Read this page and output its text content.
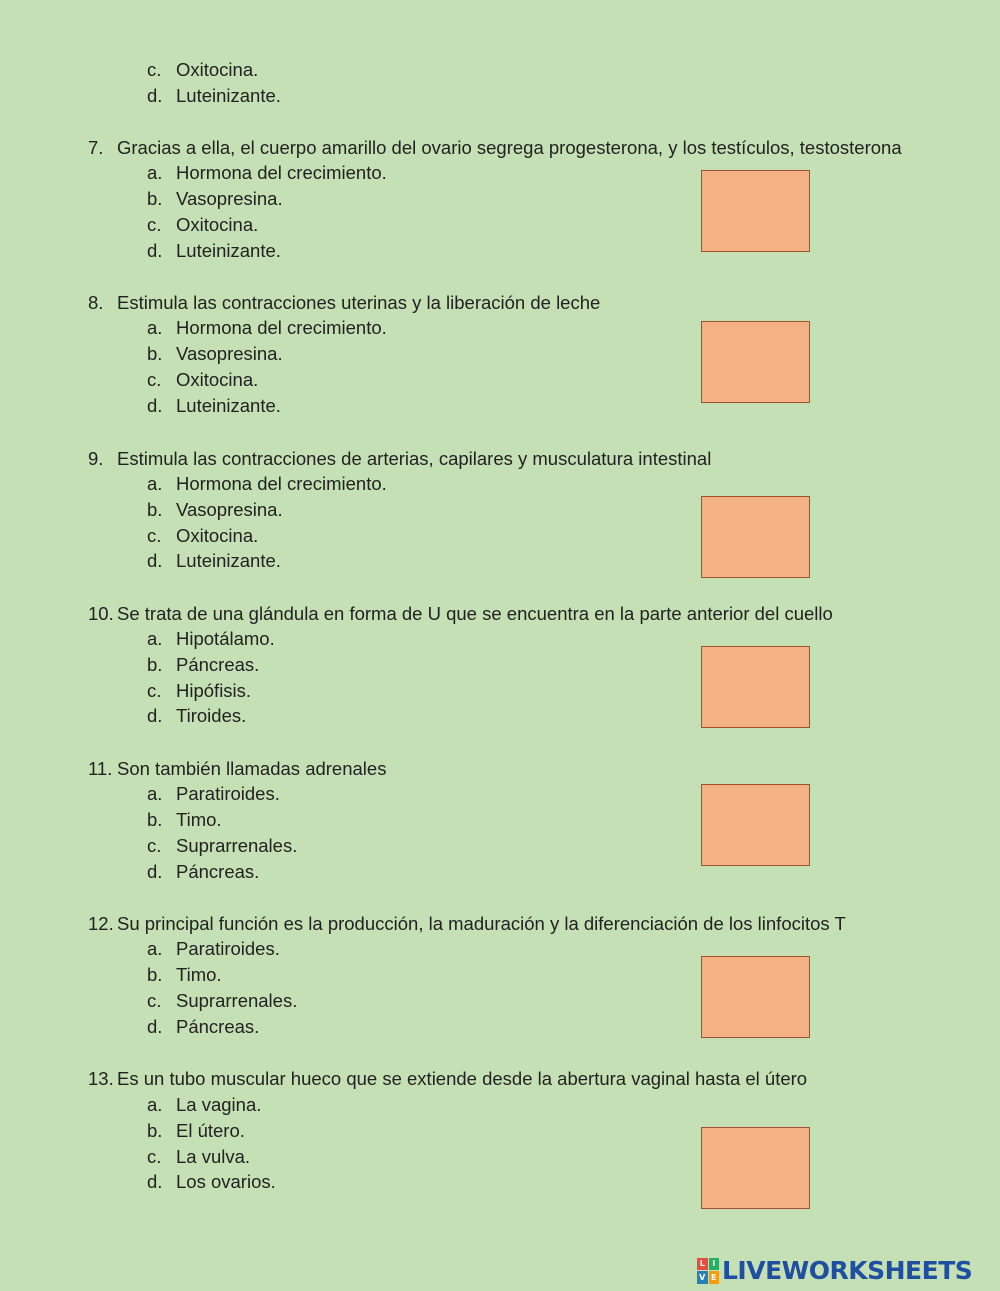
c. Oxitocina.
d. Luteinizante.
7. Gracias a ella, el cuerpo amarillo del ovario segrega progesterona, y los testículos, testosterona
a. Hormona del crecimiento.
b. Vasopresina.
c. Oxitocina.
d. Luteinizante.
8. Estimula las contracciones uterinas y la liberación de leche
a. Hormona del crecimiento.
b. Vasopresina.
c. Oxitocina.
d. Luteinizante.
9. Estimula las contracciones de arterias, capilares y musculatura intestinal
a. Hormona del crecimiento.
b. Vasopresina.
c. Oxitocina.
d. Luteinizante.
10. Se trata de una glándula en forma de U que se encuentra en la parte anterior del cuello
a. Hipotálamo.
b. Páncreas.
c. Hipófisis.
d. Tiroides.
11. Son también llamadas adrenales
a. Paratiroides.
b. Timo.
c. Suprarrenales.
d. Páncreas.
12. Su principal función es la producción, la maduración y la diferenciación de los linfocitos T
a. Paratiroides.
b. Timo.
c. Suprarrenales.
d. Páncreas.
13. Es un tubo muscular hueco que se extiende desde la abertura vaginal hasta el útero
a. La vagina.
b. El útero.
c. La vulva.
d. Los ovarios.
L I
V E LIVEWORKSHEETS
